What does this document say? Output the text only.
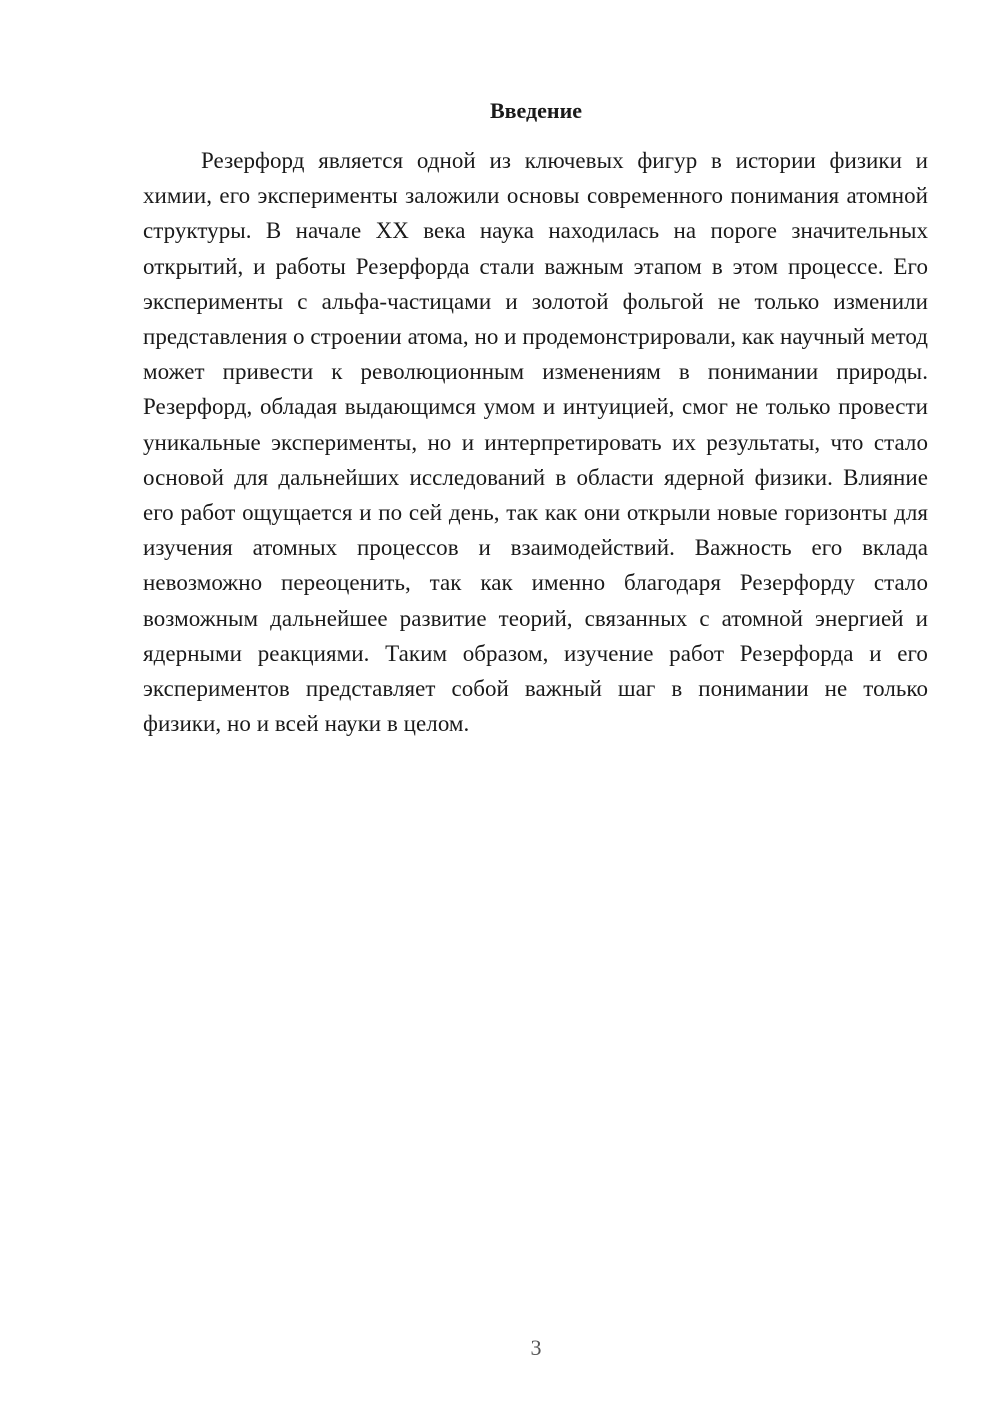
Введение

Резерфорд является одной из ключевых фигур в истории физики и химии, его эксперименты заложили основы современного понимания атомной структуры. В начале XX века наука находилась на пороге значительных открытий, и работы Резерфорда стали важным этапом в этом процессе. Его эксперименты с альфа-частицами и золотой фольгой не только изменили представления о строении атома, но и продемонстрировали, как научный метод может привести к революционным изменениям в понимании природы. Резерфорд, обладая выдающимся умом и интуицией, смог не только провести уникальные эксперименты, но и интерпретировать их результаты, что стало основой для дальнейших исследований в области ядерной физики. Влияние его работ ощущается и по сей день, так как они открыли новые горизонты для изучения атомных процессов и взаимодействий. Важность его вклада невозможно переоценить, так как именно благодаря Резерфорду стало возможным дальнейшее развитие теорий, связанных с атомной энергией и ядерными реакциями. Таким образом, изучение работ Резерфорда и его экспериментов представляет собой важный шаг в понимании не только физики, но и всей науки в целом.

3
